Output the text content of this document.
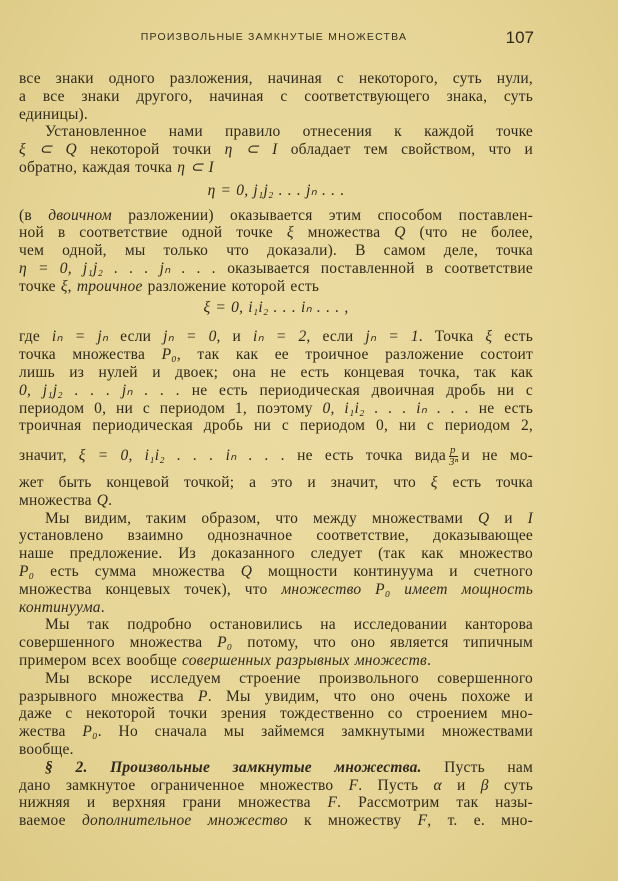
ПРОИЗВОЛЬНЫЕ ЗАМКНУТЫЕ МНОЖЕСТВА	107
все знаки одного разложения, начиная с некоторого, суть нули,
а все знаки другого, начиная с соответствующего знака, суть
единицы).
Установленное нами правило отнесения к каждой точке
ξ ⊂ Q некоторой точки η ⊂ I обладает тем свойством, что и
обратно, каждая точка η ⊂ I
η = 0, j₁j₂ . . . jₙ . . .
(в двоичном разложении) оказывается этим способом поставлен-
ной в соответствие одной точке ξ множества Q (что не более,
чем одной, мы только что доказали). В самом деле, точка
η = 0, j₁j₂ . . . jₙ . . . оказывается поставленной в соответствие
точке ξ, троичное разложение которой есть
ξ = 0, i₁i₂ . . . iₙ . . . ,
где iₙ = jₙ если jₙ = 0, и iₙ = 2, если jₙ = 1. Точка ξ есть
точка множества P₀, так как ее троичное разложение состоит
лишь из нулей и двоек; она не есть концевая точка, так как
0, j₁j₂ . . . jₙ . . . не есть периодическая двоичная дробь ни с
периодом 0, ни с периодом 1, поэтому 0, i₁i₂ . . . iₙ . . . не есть
троичная периодическая дробь ни с периодом 0, ни с периодом 2,
значит, ξ = 0, i₁i₂ . . . iₙ . . . не есть точка вида $\frac{p}{\text{3ⁿ}}$ и не мо-
жет быть концевой точкой; а это и значит, что ξ есть точка
множества Q.
Мы видим, таким образом, что между множествами Q и I
установлено взаимно однозначное соответствие, доказывающее
наше предложение. Из доказанного следует (так как множество
P₀ есть сумма множества Q мощности континуума и счетного
множества концевых точек), что множество P₀ имеет мощность
континуума.
Мы так подробно остановились на исследовании канторова
совершенного множества P₀ потому, что оно является типичным
примером всех вообще совершенных разрывных множеств.
Мы вскоре исследуем строение произвольного совершенного
разрывного множества P. Мы увидим, что оно очень похоже и
даже с некоторой точки зрения тождественно со строением мно-
жества P₀. Но сначала мы займемся замкнутыми множествами
вообще.
§ 2. Произвольные замкнутые множества. Пусть нам
дано замкнутое ограниченное множество F. Пусть α и β суть
нижняя и верхняя грани множества F. Рассмотрим так назы-
ваемое дополнительное множество к множеству F, т. е. мно-
